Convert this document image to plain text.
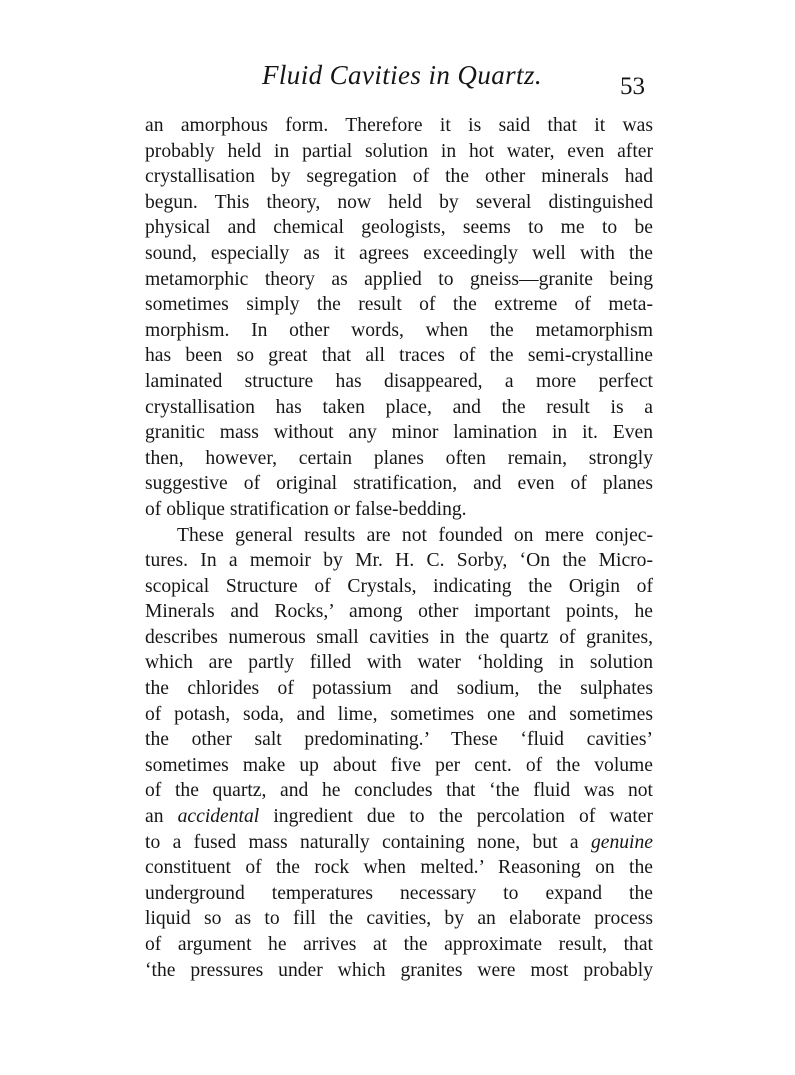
Fluid Cavities in Quartz.	53
an amorphous form. Therefore it is said that it was
probably held in partial solution in hot water, even after
crystallisation by segregation of the other minerals had
begun. This theory, now held by several distinguished
physical and chemical geologists, seems to me to be
sound, especially as it agrees exceedingly well with the
metamorphic theory as applied to gneiss—granite being
sometimes simply the result of the extreme of meta-
morphism. In other words, when the metamorphism
has been so great that all traces of the semi-crystalline
laminated structure has disappeared, a more perfect
crystallisation has taken place, and the result is a
granitic mass without any minor lamination in it. Even
then, however, certain planes often remain, strongly
suggestive of original stratification, and even of planes
of oblique stratification or false-bedding.
These general results are not founded on mere conjec-
tures. In a memoir by Mr. H. C. Sorby, ‘On the Micro-
scopical Structure of Crystals, indicating the Origin of
Minerals and Rocks,’ among other important points, he
describes numerous small cavities in the quartz of granites,
which are partly filled with water ‘holding in solution
the chlorides of potassium and sodium, the sulphates
of potash, soda, and lime, sometimes one and sometimes
the other salt predominating.’ These ‘fluid cavities’
sometimes make up about five per cent. of the volume
of the quartz, and he concludes that ‘the fluid was not
an accidental ingredient due to the percolation of water
to a fused mass naturally containing none, but a genuine
constituent of the rock when melted.’ Reasoning on the
underground temperatures necessary to expand the
liquid so as to fill the cavities, by an elaborate process
of argument he arrives at the approximate result, that
‘the pressures under which granites were most probably
